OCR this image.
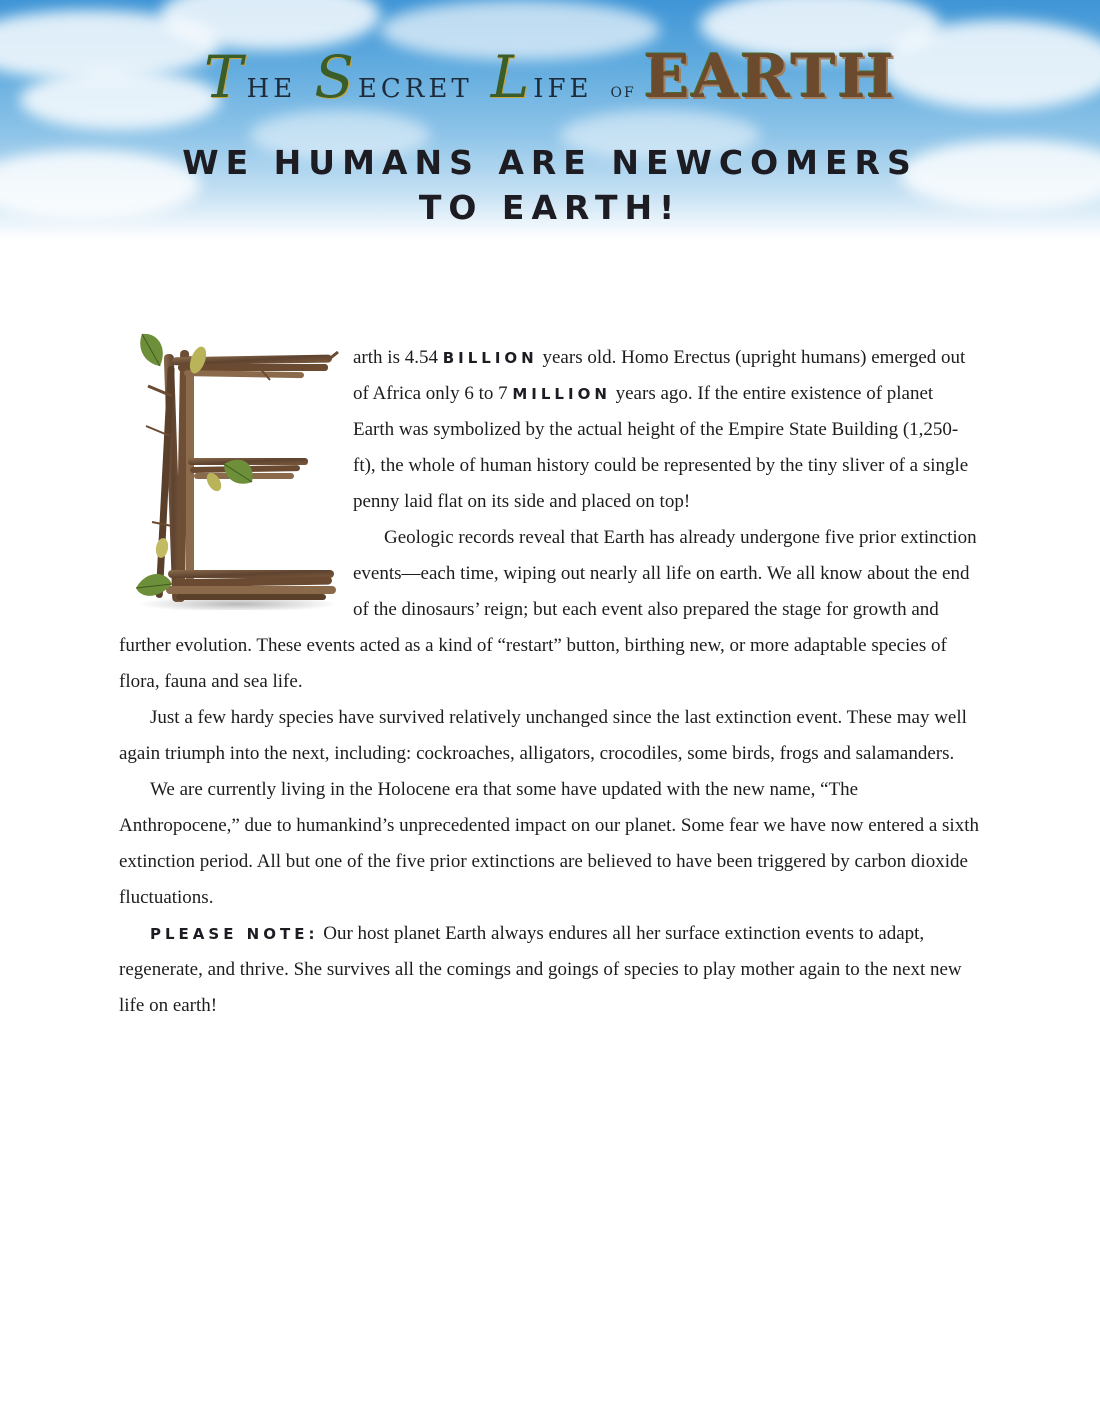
THE SECRET LIFE OF EARTH
WE HUMANS ARE NEWCOMERS
TO EARTH!

arth is 4.54 BILLION years old. Homo Erectus (upright humans) emerged out of Africa only 6 to 7 MILLION years ago. If the entire existence of planet Earth was symbolized by the actual height of the Empire State Building (1,250-ft), the whole of human history could be represented by the tiny sliver of a single penny laid flat on its side and placed on top!

Geologic records reveal that Earth has already undergone five prior extinction events—each time, wiping out nearly all life on earth. We all know about the end of the dinosaurs’ reign; but each event also prepared the stage for growth and further evolution. These events acted as a kind of “restart” button, birthing new, or more adaptable species of flora, fauna and sea life.

Just a few hardy species have survived relatively unchanged since the last extinction event. These may well again triumph into the next, including: cockroaches, alligators, crocodiles, some birds, frogs and salamanders.

We are currently living in the Holocene era that some have updated with the new name, “The Anthropocene,” due to humankind’s unprecedented impact on our planet. Some fear we have now entered a sixth extinction period. All but one of the five prior extinctions are believed to have been triggered by carbon dioxide fluctuations.

PLEASE NOTE: Our host planet Earth always endures all her surface extinction events to adapt, regenerate, and thrive. She survives all the comings and goings of species to play mother again to the next new life on earth!
